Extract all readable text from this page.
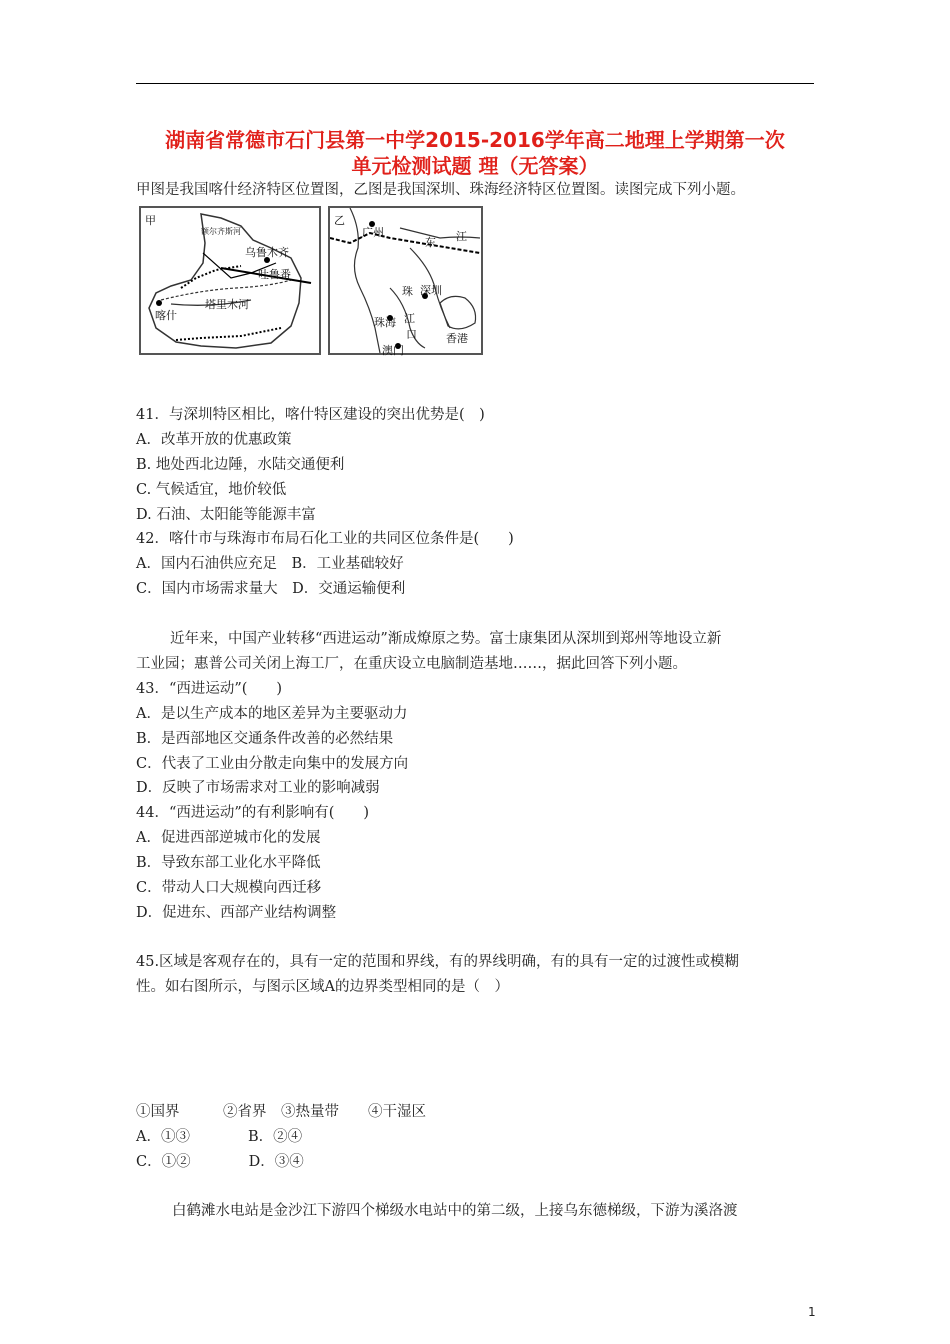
湖南省常德市石门县第一中学2015-2016学年高二地理上学期第一次
单元检测试题 理（无答案）
甲图是我国喀什经济特区位置图，乙图是我国深圳、珠海经济特区位置图。读图完成下列小题。
甲
额尔齐斯河
乌鲁木齐
吐鲁番
塔里木河
喀什
乙
广州
东 江
珠 深圳
珠海 江
口	香港
澳门
41．与深圳特区相比，喀什特区建设的突出优势是(　)
A．改革开放的优惠政策
B. 地处西北边陲，水陆交通便利
C. 气候适宜，地价较低
D. 石油、太阳能等能源丰富
42．喀什市与珠海市布局石化工业的共同区位条件是(　　)
A．国内石油供应充足　B．工业基础较好
C．国内市场需求量大　D．交通运输便利
近年来，中国产业转移“西进运动”渐成燎原之势。富士康集团从深圳到郑州等地设立新
工业园；惠普公司关闭上海工厂，在重庆设立电脑制造基地……，据此回答下列小题。
43．“西进运动”(　　)
A．是以生产成本的地区差异为主要驱动力
B．是西部地区交通条件改善的必然结果
C．代表了工业由分散走向集中的发展方向
D．反映了市场需求对工业的影响减弱
44．“西进运动”的有利影响有(　　)
A．促进西部逆城市化的发展
B．导致东部工业化水平降低
C．带动人口大规模向西迁移
D．促进东、西部产业结构调整
45.区域是客观存在的，具有一定的范围和界线，有的界线明确，有的具有一定的过渡性或模糊
性。如右图所示，与图示区域A的边界类型相同的是（　）
①国界　　　②省界　③热量带　　④干湿区
A．①③　　　　B．②④
C．①②　　　　D．③④
白鹤滩水电站是金沙江下游四个梯级水电站中的第二级，上接乌东德梯级，下游为溪洛渡
1
